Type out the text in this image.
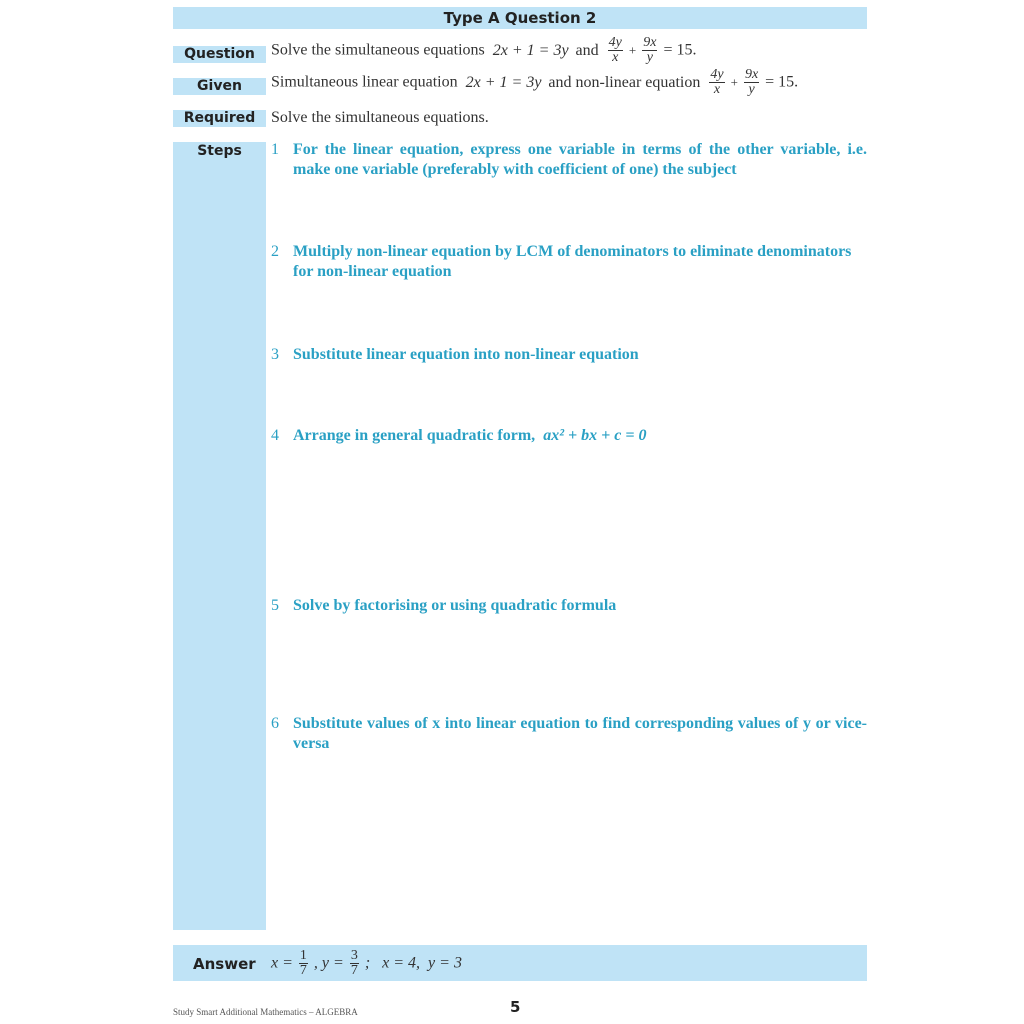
Type A Question 2
Question	Solve the simultaneous equations 2x + 1 = 3y and $\frac{4y}{x} + \frac{9x}{y} = 15$.
Given	Simultaneous linear equation 2x + 1 = 3y and non-linear equation $\frac{4y}{x} + \frac{9x}{y} = 15$.
Required Solve the simultaneous equations.
Steps	1 For the linear equation, express one variable in terms of the other variable, i.e. make one variable (preferably with coefficient of one) the subject
2 Multiply non-linear equation by LCM of denominators to eliminate denominators for non-linear equation
3 Substitute linear equation into non-linear equation
4 Arrange in general quadratic form, ax² + bx + c = 0
5 Solve by factorising or using quadratic formula
6 Substitute values of x into linear equation to find corresponding values of y or vice-versa
Answer $x = \frac{1}{7}$ , $y = \frac{3}{7}$ ;   x = 4,  y = 3
Study Smart Additional Mathematics – ALGEBRA	5
